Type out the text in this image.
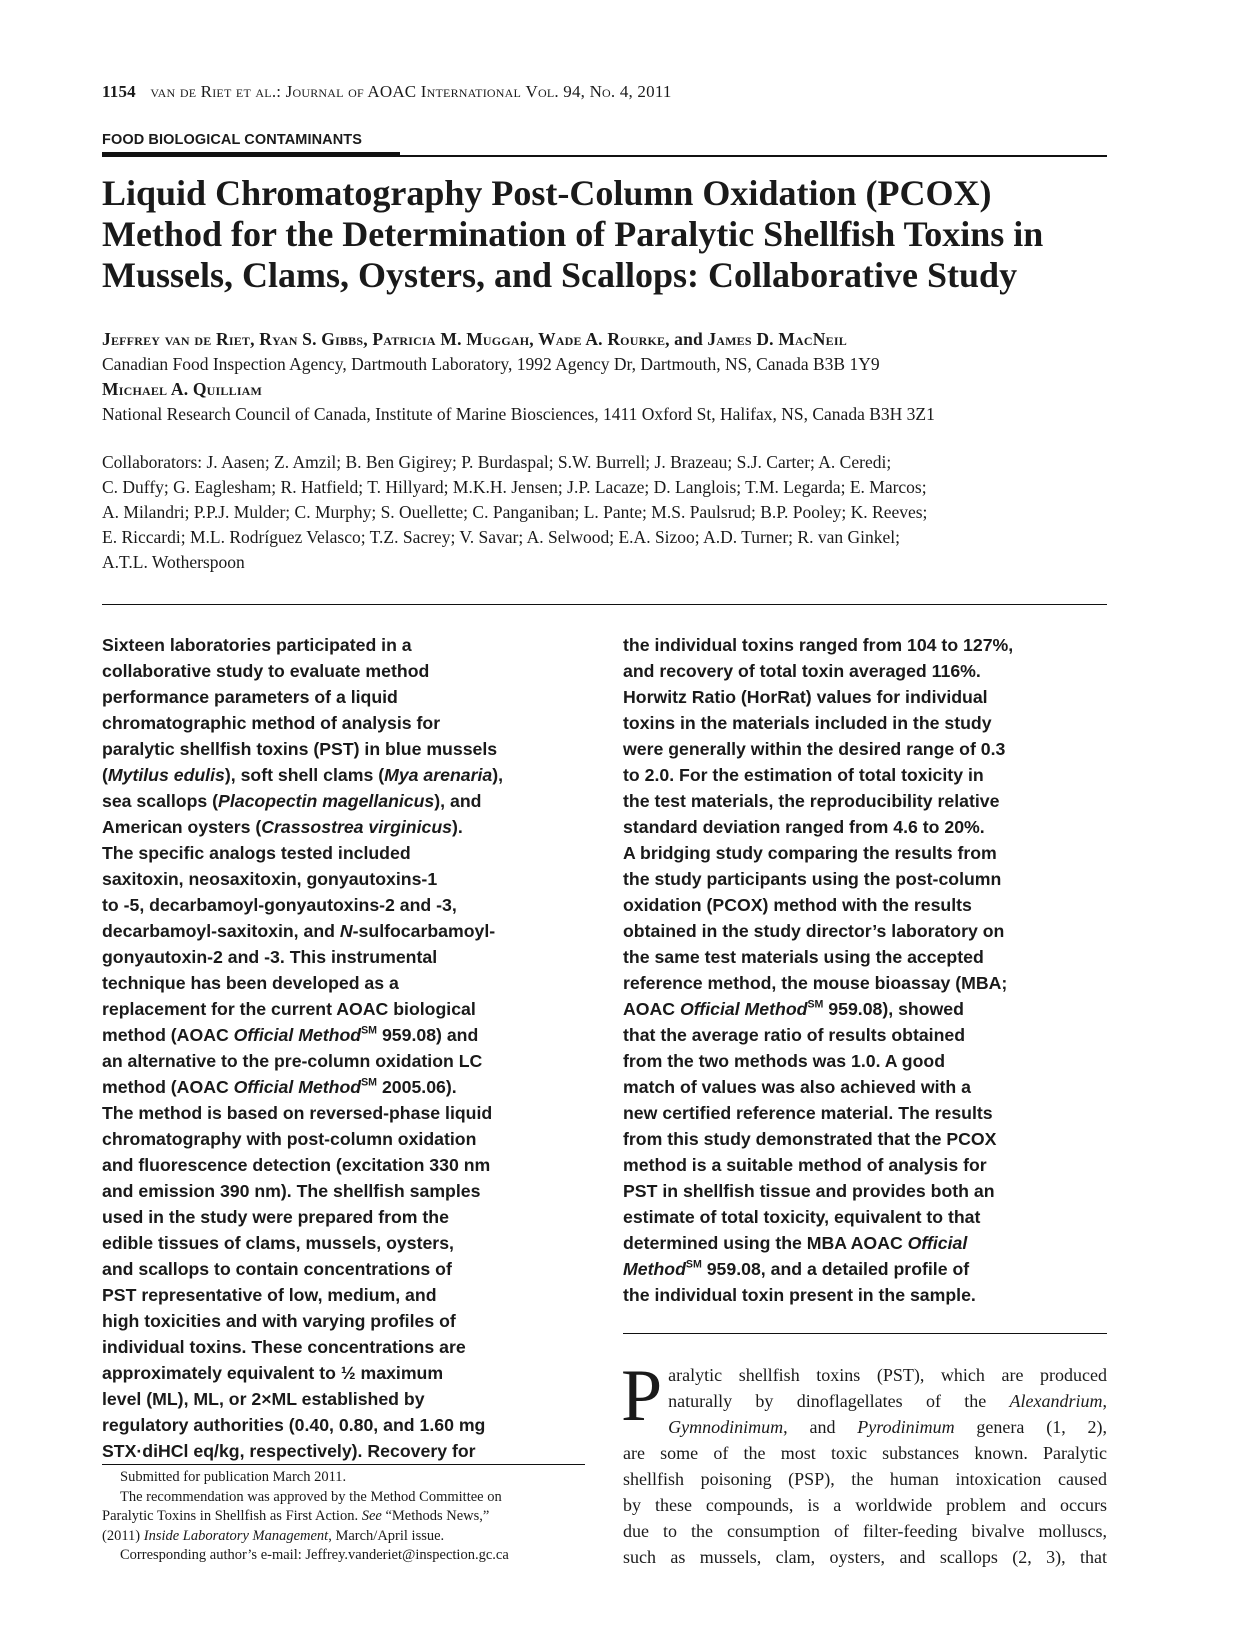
1154 van de Riet et al.: Journal of AOAC International Vol. 94, No. 4, 2011
FOOD BIOLOGICAL CONTAMINANTS
Liquid Chromatography Post-Column Oxidation (PCOX)
Method for the Determination of Paralytic Shellfish Toxins in
Mussels, Clams, Oysters, and Scallops: Collaborative Study
Jeffrey van de Riet, Ryan S. Gibbs, Patricia M. Muggah, Wade A. Rourke, and James D. MacNeil
Canadian Food Inspection Agency, Dartmouth Laboratory, 1992 Agency Dr, Dartmouth, NS, Canada B3B 1Y9
Michael A. Quilliam
National Research Council of Canada, Institute of Marine Biosciences, 1411 Oxford St, Halifax, NS, Canada B3H 3Z1
Collaborators: J. Aasen; Z. Amzil; B. Ben Gigirey; P. Burdaspal; S.W. Burrell; J. Brazeau; S.J. Carter; A. Ceredi;
C. Duffy; G. Eaglesham; R. Hatfield; T. Hillyard; M.K.H. Jensen; J.P. Lacaze; D. Langlois; T.M. Legarda; E. Marcos;
A. Milandri; P.P.J. Mulder; C. Murphy; S. Ouellette; C. Panganiban; L. Pante; M.S. Paulsrud; B.P. Pooley; K. Reeves;
E. Riccardi; M.L. Rodríguez Velasco; T.Z. Sacrey; V. Savar; A. Selwood; E.A. Sizoo; A.D. Turner; R. van Ginkel;
A.T.L. Wotherspoon
Sixteen laboratories participated in a
collaborative study to evaluate method
performance parameters of a liquid
chromatographic method of analysis for
paralytic shellfish toxins (PST) in blue mussels
(Mytilus edulis), soft shell clams (Mya arenaria),
sea scallops (Placopectin magellanicus), and
American oysters (Crassostrea virginicus).
The specific analogs tested included
saxitoxin, neosaxitoxin, gonyautoxins-1
to -5, decarbamoyl-gonyautoxins-2 and -3,
decarbamoyl-saxitoxin, and N-sulfocarbamoyl-
gonyautoxin-2 and -3. This instrumental
technique has been developed as a
replacement for the current AOAC biological
method (AOAC Official Method℠ 959.08) and
an alternative to the pre-column oxidation LC
method (AOAC Official Method℠ 2005.06).
The method is based on reversed-phase liquid
chromatography with post-column oxidation
and fluorescence detection (excitation 330 nm
and emission 390 nm). The shellfish samples
used in the study were prepared from the
edible tissues of clams, mussels, oysters,
and scallops to contain concentrations of
PST representative of low, medium, and
high toxicities and with varying profiles of
individual toxins. These concentrations are
approximately equivalent to ½ maximum
level (ML), ML, or 2×ML established by
regulatory authorities (0.40, 0.80, and 1.60 mg
STX·diHCl eq/kg, respectively). Recovery for
the individual toxins ranged from 104 to 127%,
and recovery of total toxin averaged 116%.
Horwitz Ratio (HorRat) values for individual
toxins in the materials included in the study
were generally within the desired range of 0.3
to 2.0. For the estimation of total toxicity in
the test materials, the reproducibility relative
standard deviation ranged from 4.6 to 20%.
A bridging study comparing the results from
the study participants using the post-column
oxidation (PCOX) method with the results
obtained in the study director’s laboratory on
the same test materials using the accepted
reference method, the mouse bioassay (MBA;
AOAC Official Method℠ 959.08), showed
that the average ratio of results obtained
from the two methods was 1.0. A good
match of values was also achieved with a
new certified reference material. The results
from this study demonstrated that the PCOX
method is a suitable method of analysis for
PST in shellfish tissue and provides both an
estimate of total toxicity, equivalent to that
determined using the MBA AOAC Official
Method℠ 959.08, and a detailed profile of
the individual toxin present in the sample.
P aralytic shellfish toxins (PST), which are produced
naturally by dinoflagellates of the Alexandrium,
Gymnodinimum, and Pyrodinimum genera (1, 2),
are some of the most toxic substances known. Paralytic
shellfish poisoning (PSP), the human intoxication caused
by these compounds, is a worldwide problem and occurs
due to the consumption of filter-feeding bivalve molluscs,
such as mussels, clam, oysters, and scallops (2, 3), that
Submitted for publication March 2011.
The recommendation was approved by the Method Committee on
Paralytic Toxins in Shellfish as First Action. See “Methods News,”
(2011) Inside Laboratory Management, March/April issue.
Corresponding author’s e-mail: Jeffrey.vanderiet@inspection.gc.ca
